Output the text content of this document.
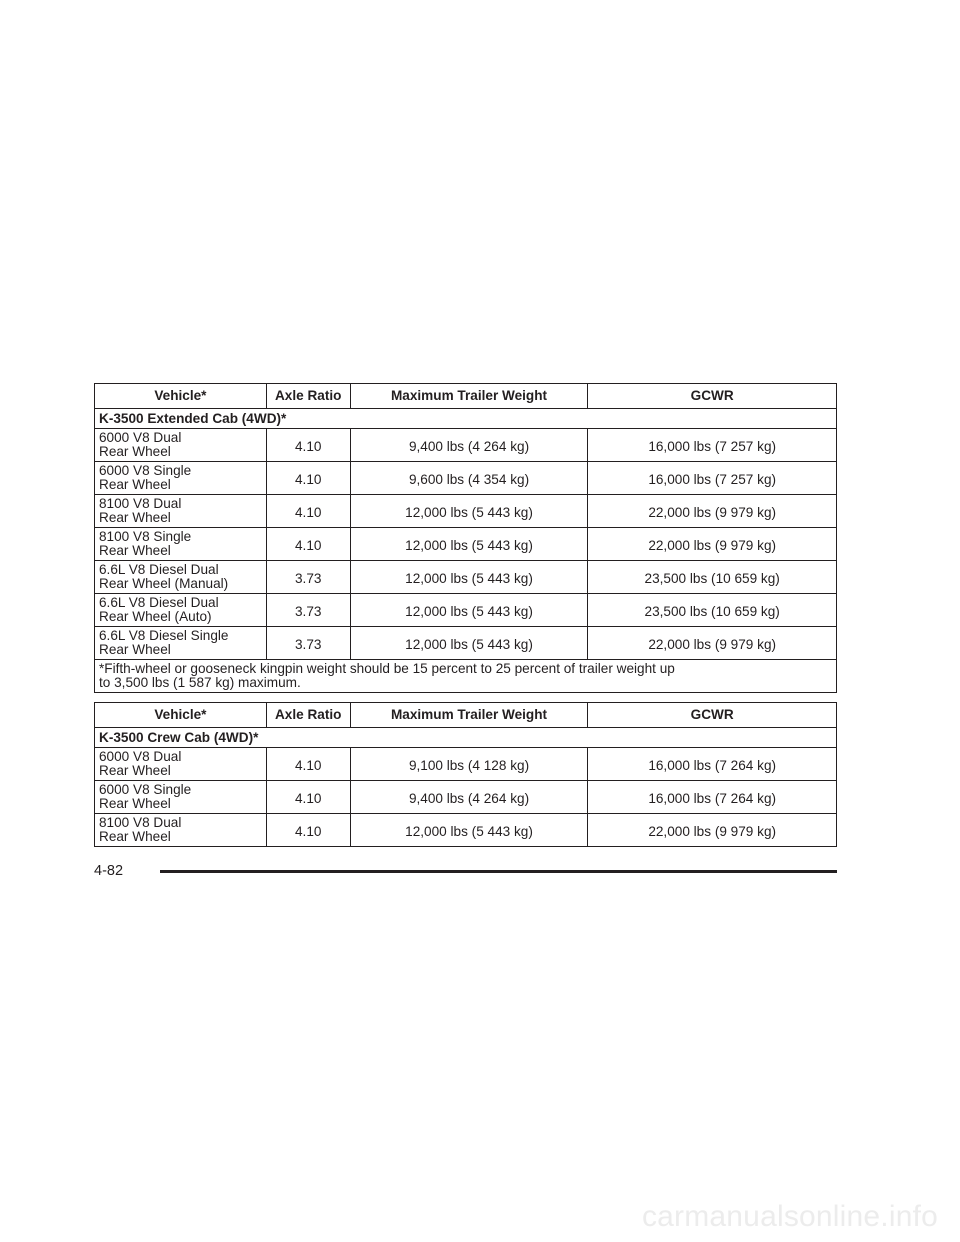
Vehicle*	Axle Ratio	Maximum Trailer Weight	GCWR
K-3500 Extended Cab (4WD)*			

6000 V8 Dual
Rear Wheel	4.10	9,400 lbs (4 264 kg)	16,000 lbs (7 257 kg)

6000 V8 Single
Rear Wheel	4.10	9,600 lbs (4 354 kg)	16,000 lbs (7 257 kg)

8100 V8 Dual
Rear Wheel	4.10	12,000 lbs (5 443 kg)	22,000 lbs (9 979 kg)

8100 V8 Single
Rear Wheel	4.10	12,000 lbs (5 443 kg)	22,000 lbs (9 979 kg)

6.6L V8 Diesel Dual
Rear Wheel (Manual)	3.73	12,000 lbs (5 443 kg)	23,500 lbs (10 659 kg)

6.6L V8 Diesel Dual
Rear Wheel (Auto)	3.73	12,000 lbs (5 443 kg)	23,500 lbs (10 659 kg)

6.6L V8 Diesel Single
Rear Wheel	3.73	12,000 lbs (5 443 kg)	22,000 lbs (9 979 kg)

*Fifth-wheel or gooseneck kingpin weight should be 15 percent to 25 percent of trailer weight up
to 3,500 lbs (1 587 kg) maximum.			
Vehicle*	Axle Ratio	Maximum Trailer Weight	GCWR
K-3500 Crew Cab (4WD)*			

6000 V8 Dual
Rear Wheel	4.10	9,100 lbs (4 128 kg)	16,000 lbs (7 264 kg)

6000 V8 Single
Rear Wheel	4.10	9,400 lbs (4 264 kg)	16,000 lbs (7 264 kg)

8100 V8 Dual
Rear Wheel	4.10	12,000 lbs (5 443 kg)	22,000 lbs (9 979 kg)
4-82
carmanualsonline.info
